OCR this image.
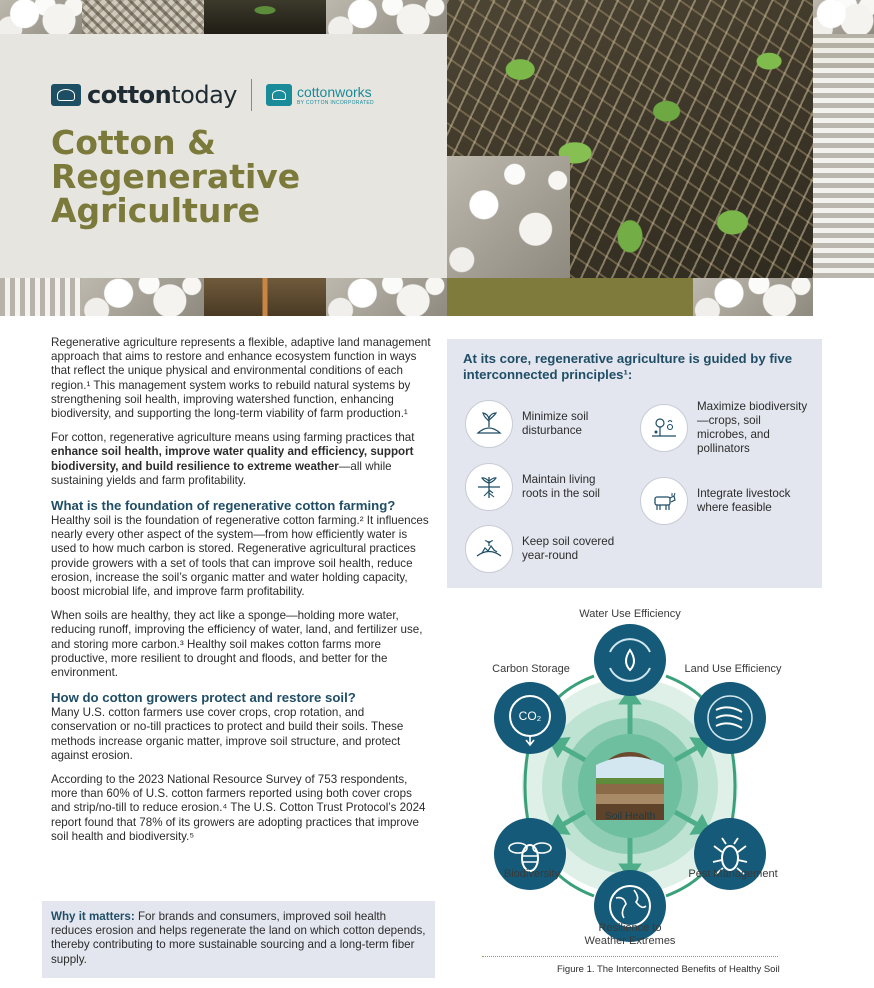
cottontoday	cottonworks
BY COTTON INCORPORATED
Cotton &
Regenerative
Agriculture

Regenerative agriculture represents a flexible, adaptive land management approach that aims to restore and enhance ecosystem function in ways that reflect the unique physical and environmental conditions of each region.¹ This management system works to rebuild natural systems by strengthening soil health, improving watershed function, enhancing biodiversity, and supporting the long-term viability of farm production.¹

For cotton, regenerative agriculture means using farming practices that enhance soil health, improve water quality and efficiency, support biodiversity, and build resilience to extreme weather—all while sustaining yields and farm profitability.

What is the foundation of regenerative cotton farming?

Healthy soil is the foundation of regenerative cotton farming.² It influences nearly every other aspect of the system—from how efficiently water is used to how much carbon is stored. Regenerative agricultural practices provide growers with a set of tools that can improve soil health, reduce erosion, increase the soil’s organic matter and water holding capacity, boost microbial life, and improve farm profitability.

When soils are healthy, they act like a sponge—holding more water, reducing runoff, improving the efficiency of water, land, and fertilizer use, and storing more carbon.³ Healthy soil makes cotton farms more productive, more resilient to drought and floods, and better for the environment.

How do cotton growers protect and restore soil?

Many U.S. cotton farmers use cover crops, crop rotation, and conservation or no-till practices to protect and build their soils. These methods increase organic matter, improve soil structure, and protect against erosion.

According to the 2023 National Resource Survey of 753 respondents, more than 60% of U.S. cotton farmers reported using both cover crops and strip/no-till to reduce erosion.⁴ The U.S. Cotton Trust Protocol’s 2024 report found that 78% of its growers are adopting practices that improve soil health and biodiversity.⁵

Why it matters: For brands and consumers, improved soil health reduces erosion and helps regenerate the land on which cotton depends, thereby contributing to more sustainable sourcing and a long-term fiber supply.
At its core, regenerative agriculture is guided by five interconnected principles¹:
Minimize soil disturbance
Maintain living roots in the soil
Keep soil covered year-round
Maximize biodiversity—crops, soil microbes, and pollinators
Integrate livestock where feasible
CO₂
Soil Health
Water Use Efficiency
Land Use Efficiency
Pest Management
Resilience to
Weather Extremes
Biodiversity
Carbon Storage
Figure 1. The Interconnected Benefits of Healthy Soil
